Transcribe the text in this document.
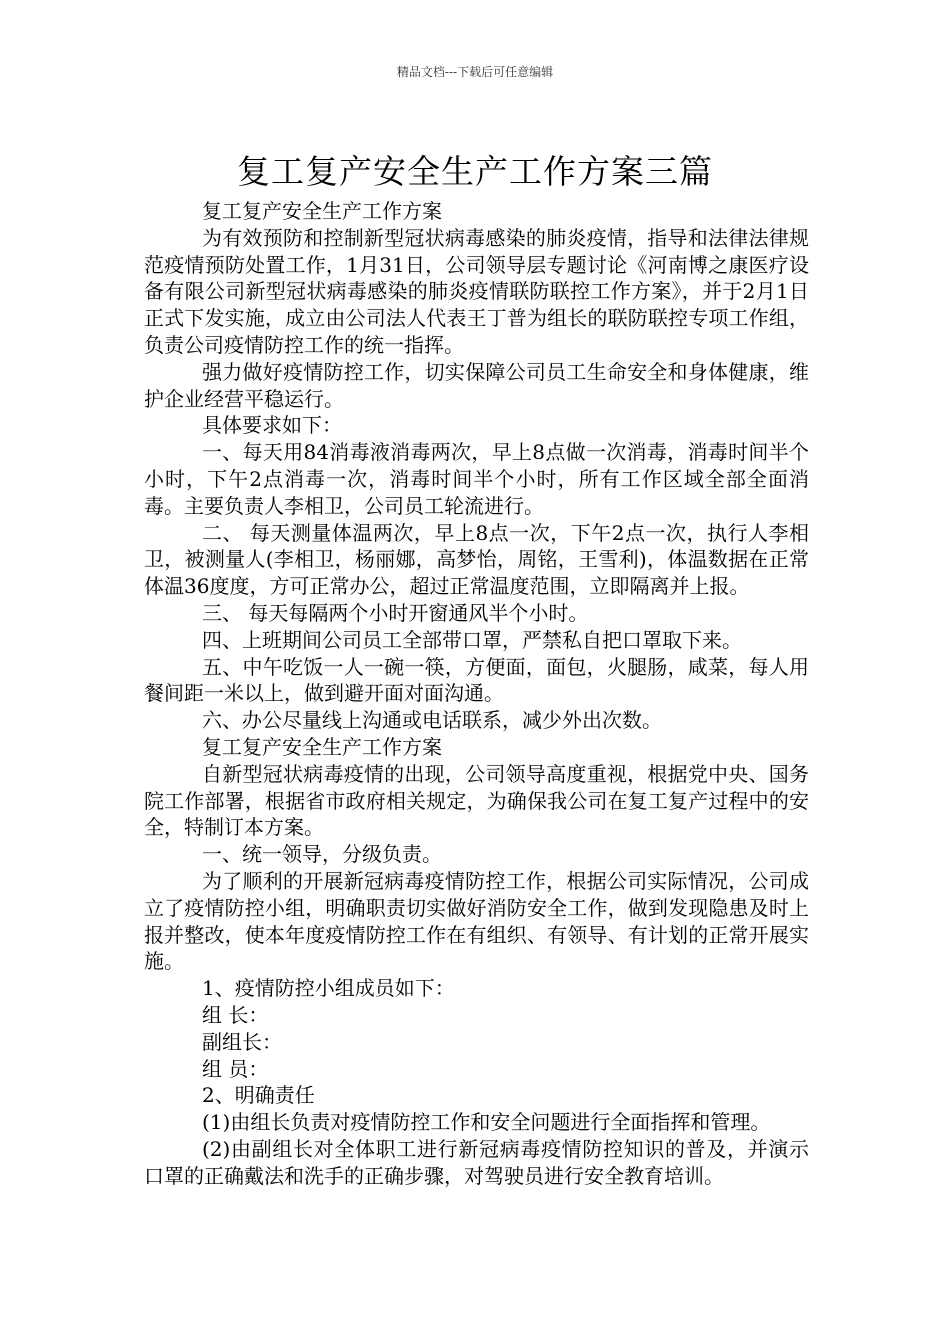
精品文档---下载后可任意编辑
复工复产安全生产工作方案三篇

复工复产安全生产工作方案

为有效预防和控制新型冠状病毒感染的肺炎疫情，指导和法律法律规范疫情预防处置工作，1月31日，公司领导层专题讨论《河南博之康医疗设备有限公司新型冠状病毒感染的肺炎疫情联防联控工作方案》，并于2月1日正式下发实施，成立由公司法人代表王丁普为组长的联防联控专项工作组，负责公司疫情防控工作的统一指挥。

强力做好疫情防控工作，切实保障公司员工生命安全和身体健康，维护企业经营平稳运行。

具体要求如下：

一、每天用84消毒液消毒两次，早上8点做一次消毒，消毒时间半个小时，下午2点消毒一次，消毒时间半个小时，所有工作区域全部全面消毒。主要负责人李相卫，公司员工轮流进行。

二、 每天测量体温两次，早上8点一次，下午2点一次，执行人李相卫，被测量人(李相卫，杨丽娜，高梦怡，周铭，王雪利)，体温数据在正常体温36度度，方可正常办公，超过正常温度范围，立即隔离并上报。

三、 每天每隔两个小时开窗通风半个小时。

四、上班期间公司员工全部带口罩，严禁私自把口罩取下来。

五、中午吃饭一人一碗一筷，方便面，面包，火腿肠，咸菜，每人用餐间距一米以上，做到避开面对面沟通。

六、办公尽量线上沟通或电话联系，减少外出次数。

复工复产安全生产工作方案

自新型冠状病毒疫情的出现，公司领导高度重视，根据党中央、国务院工作部署，根据省市政府相关规定，为确保我公司在复工复产过程中的安全，特制订本方案。

一、统一领导，分级负责。

为了顺利的开展新冠病毒疫情防控工作，根据公司实际情况，公司成立了疫情防控小组，明确职责切实做好消防安全工作，做到发现隐患及时上报并整改，使本年度疫情防控工作在有组织、有领导、有计划的正常开展实施。

1、疫情防控小组成员如下：

组 长：

副组长：

组 员：

2、明确责任

(1)由组长负责对疫情防控工作和安全问题进行全面指挥和管理。

(2)由副组长对全体职工进行新冠病毒疫情防控知识的普及，并演示口罩的正确戴法和洗手的正确步骤，对驾驶员进行安全教育培训。
